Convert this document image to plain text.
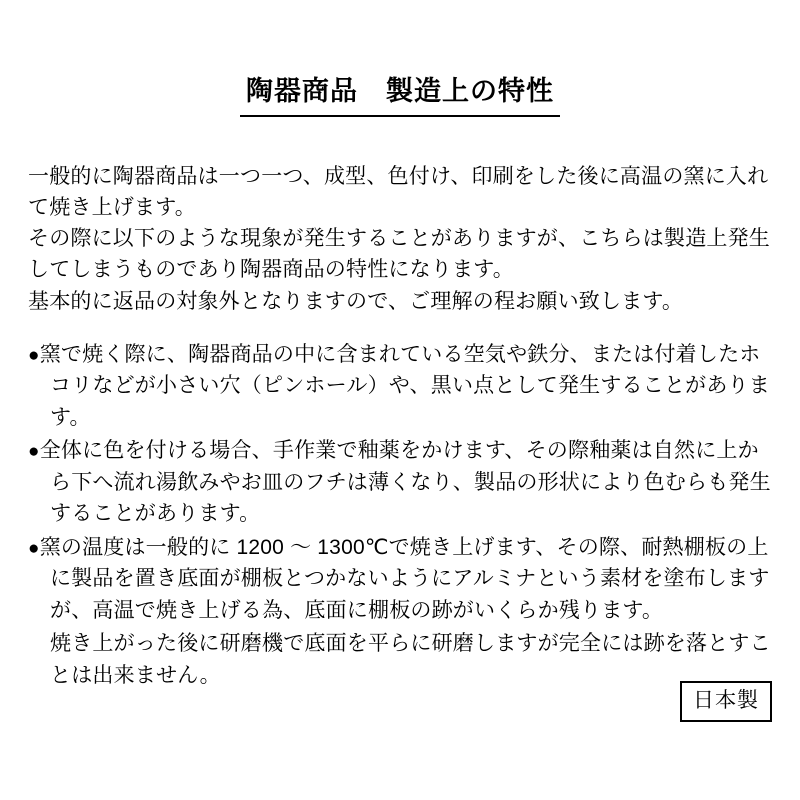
陶器商品　製造上の特性

一般的に陶器商品は一つ一つ、成型、色付け、印刷をした後に高温の窯に入れて焼き上げます。

その際に以下のような現象が発生することがありますが、こちらは製造上発生してしまうものであり陶器商品の特性になります。

基本的に返品の対象外となりますので、ご理解の程お願い致します。

●窯で焼く際に、陶器商品の中に含まれている空気や鉄分、または付着したホコリなどが小さい穴（ピンホール）や、黒い点として発生することがあります。
●全体に色を付ける場合、手作業で釉薬をかけます、その際釉薬は自然に上から下へ流れ湯飲みやお皿のフチは薄くなり、製品の形状により色むらも発生することがあります。
●窯の温度は一般的に 1200 ～ 1300℃で焼き上げます、その際、耐熱棚板の上に製品を置き底面が棚板とつかないようにアルミナという素材を塗布しますが、高温で焼き上げる為、底面に棚板の跡がいくらか残ります。

焼き上がった後に研磨機で底面を平らに研磨しますが完全には跡を落とすことは出来ません。

日本製
